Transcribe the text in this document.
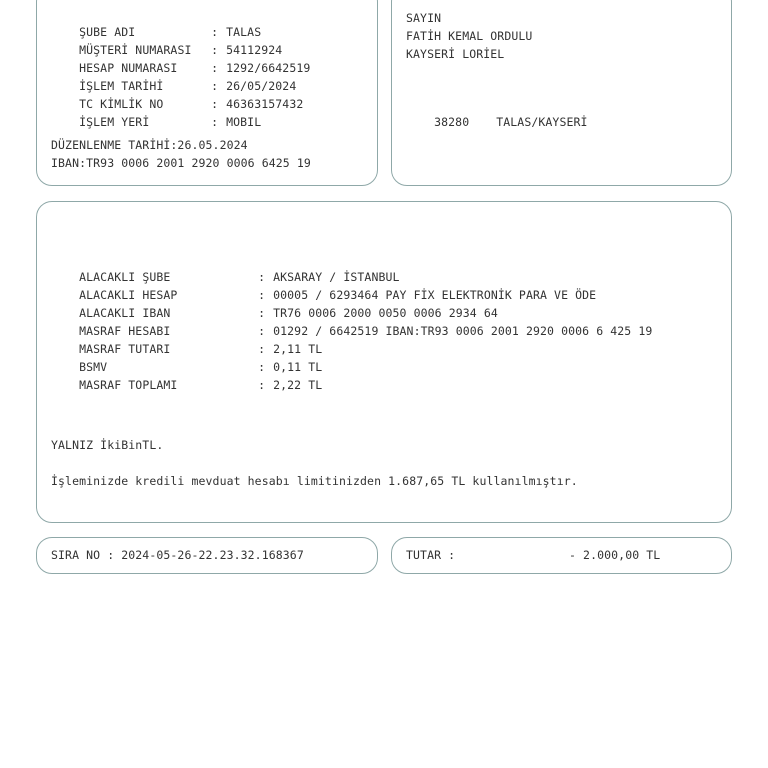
ŞUBE ADI	: TALAS

MÜŞTERİ NUMARASI : 54112924

HESAP NUMARASI	: 1292/6642519

İŞLEM TARİHİ	: 26/05/2024

TC KİMLİK NO	: 46363157432

İŞLEM YERİ	: MOBIL

DÜZENLENME TARİHİ:26.05.2024
IBAN:TR93 0006 2001 2920 0006 6425 19
SAYIN
FATİH KEMAL ORDULU
KAYSERİ LORİEL

38280 TALAS/KAYSERİ

ALACAKLI ŞUBE	: AKSARAY / İSTANBUL

ALACAKLI HESAP	: 00005 / 6293464 PAY FİX ELEKTRONİK PARA VE ÖDE

ALACAKLI IBAN	: TR76 0006 2000 0050 0006 2934 64

MASRAF HESABI	: 01292 / 6642519 IBAN:TR93 0006 2001 2920 0006 6 425 19

MASRAF TUTARI	: 2,11 TL

BSMV	: 0,11 TL

MASRAF TOPLAMI	: 2,22 TL

YALNIZ İkiBinTL.
İşleminizde kredili mevduat hesabı limitinizden 1.687,65 TL kullanılmıştır.
SIRA NO : 2024-05-26-22.23.32.168367	TUTAR :	- 2.000,00 TL
